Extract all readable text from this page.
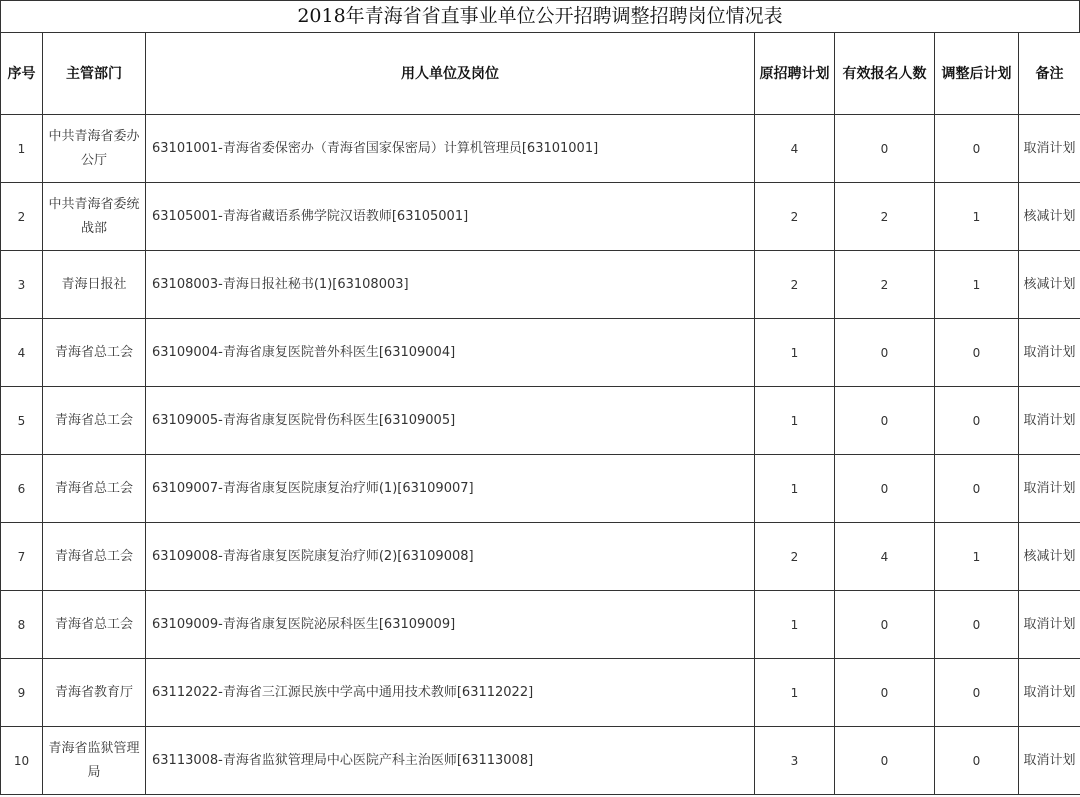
2018年青海省省直事业单位公开招聘调整招聘岗位情况表
序号	主管部门	用人单位及岗位	原招聘计划	有效报名人数	调整后计划	备注
1	中共青海省委办公厅	63101001-青海省委保密办（青海省国家保密局）计算机管理员[63101001]	4	0	0	取消计划
2	中共青海省委统战部	63105001-青海省藏语系佛学院汉语教师[63105001]	2	2	1	核减计划
3	青海日报社	63108003-青海日报社秘书(1)[63108003]	2	2	1	核减计划
4	青海省总工会	63109004-青海省康复医院普外科医生[63109004]	1	0	0	取消计划
5	青海省总工会	63109005-青海省康复医院骨伤科医生[63109005]	1	0	0	取消计划
6	青海省总工会	63109007-青海省康复医院康复治疗师(1)[63109007]	1	0	0	取消计划
7	青海省总工会	63109008-青海省康复医院康复治疗师(2)[63109008]	2	4	1	核减计划
8	青海省总工会	63109009-青海省康复医院泌尿科医生[63109009]	1	0	0	取消计划
9	青海省教育厅	63112022-青海省三江源民族中学高中通用技术教师[63112022]	1	0	0	取消计划
10	青海省监狱管理局	63113008-青海省监狱管理局中心医院产科主治医师[63113008]	3	0	0	取消计划
